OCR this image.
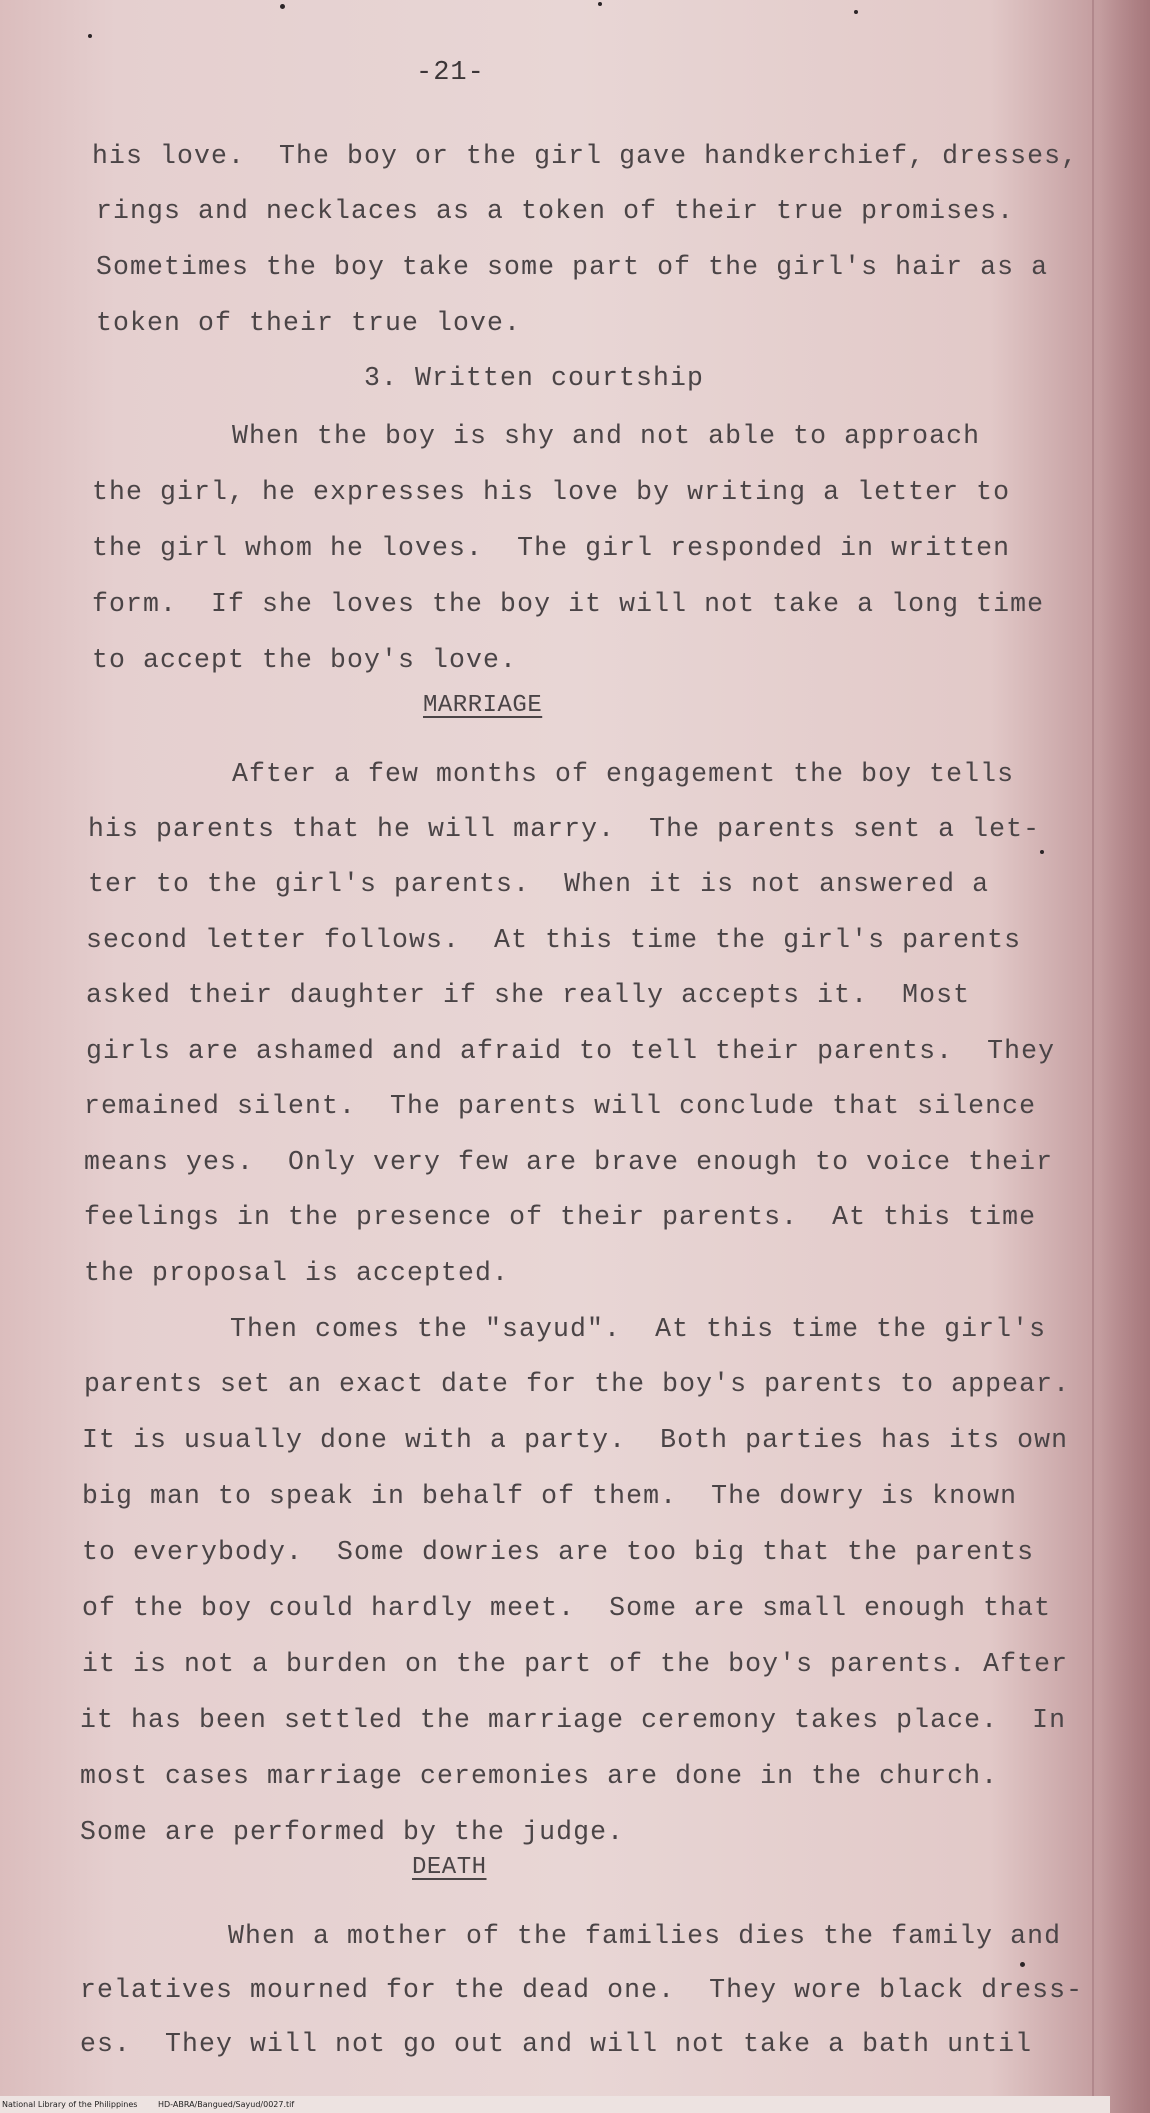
-21-
his love.  The boy or the girl gave handkerchief, dresses,
rings and necklaces as a token of their true promises.
Sometimes the boy take some part of the girl's hair as a
token of their true love.
3. Written courtship
When the boy is shy and not able to approach
the girl, he expresses his love by writing a letter to
the girl whom he loves.  The girl responded in written
form.  If she loves the boy it will not take a long time
to accept the boy's love.
MARRIAGE
After a few months of engagement the boy tells
his parents that he will marry.  The parents sent a let-
ter to the girl's parents.  When it is not answered a
second letter follows.  At this time the girl's parents
asked their daughter if she really accepts it.  Most
girls are ashamed and afraid to tell their parents.  They
remained silent.  The parents will conclude that silence
means yes.  Only very few are brave enough to voice their
feelings in the presence of their parents.  At this time
the proposal is accepted.
Then comes the "sayud".  At this time the girl's
parents set an exact date for the boy's parents to appear.
It is usually done with a party.  Both parties has its own
big man to speak in behalf of them.  The dowry is known
to everybody.  Some dowries are too big that the parents
of the boy could hardly meet.  Some are small enough that
it is not a burden on the part of the boy's parents. After
it has been settled the marriage ceremony takes place.  In
most cases marriage ceremonies are done in the church.
Some are performed by the judge.
DEATH
When a mother of the families dies the family and
relatives mourned for the dead one.  They wore black dress-
es.  They will not go out and will not take a bath until
National Library of the Philippines	HD-ABRA/Bangued/Sayud/0027.tif
